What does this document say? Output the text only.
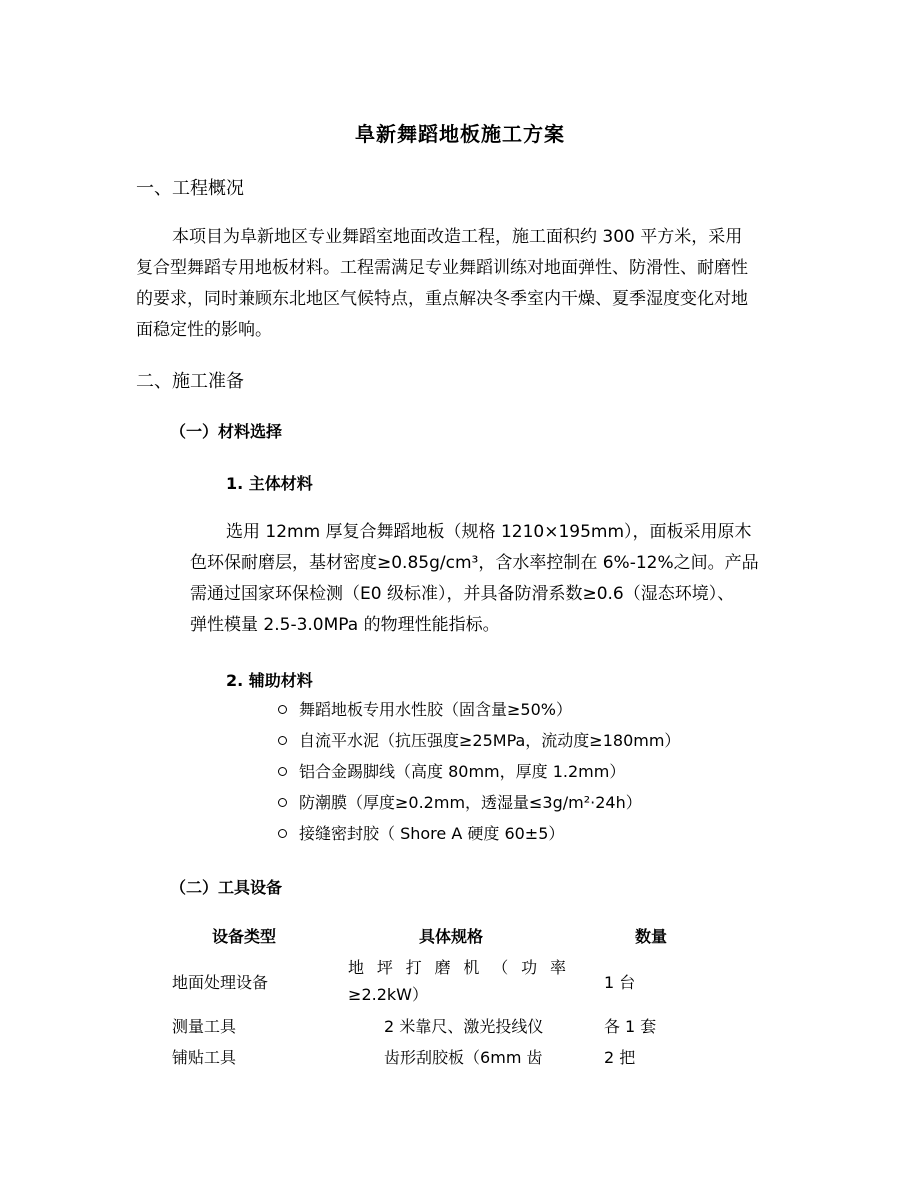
阜新舞蹈地板施工方案
一、工程概况
本项目为阜新地区专业舞蹈室地面改造工程，施工面积约 300 平方米，采用
复合型舞蹈专用地板材料。工程需满足专业舞蹈训练对地面弹性、防滑性、耐磨性
的要求，同时兼顾东北地区气候特点，重点解决冬季室内干燥、夏季湿度变化对地
面稳定性的影响。
二、施工准备
（一）材料选择
1. 主体材料
选用 12mm 厚复合舞蹈地板（规格 1210×195mm），面板采用原木
色环保耐磨层，基材密度≥0.85g/cm³，含水率控制在 6%-12%之间。产品
需通过国家环保检测（E0 级标准），并具备防滑系数≥0.6（湿态环境）、
弹性模量 2.5-3.0MPa 的物理性能指标。
2. 辅助材料
舞蹈地板专用水性胶（固含量≥50%）
自流平水泥（抗压强度≥25MPa，流动度≥180mm）
铝合金踢脚线（高度 80mm，厚度 1.2mm）
防潮膜（厚度≥0.2mm，透湿量≤3g/m²·24h）
接缝密封胶（ Shore A 硬度 60±5）
（二）工具设备
设备类型	具体规格	数量
地面处理设备	地坪打磨机（功率
≥2.2kW）	1 台
测量工具	2 米靠尺、激光投线仪	各 1 套
铺贴工具	齿形刮胶板（6mm 齿	2 把
